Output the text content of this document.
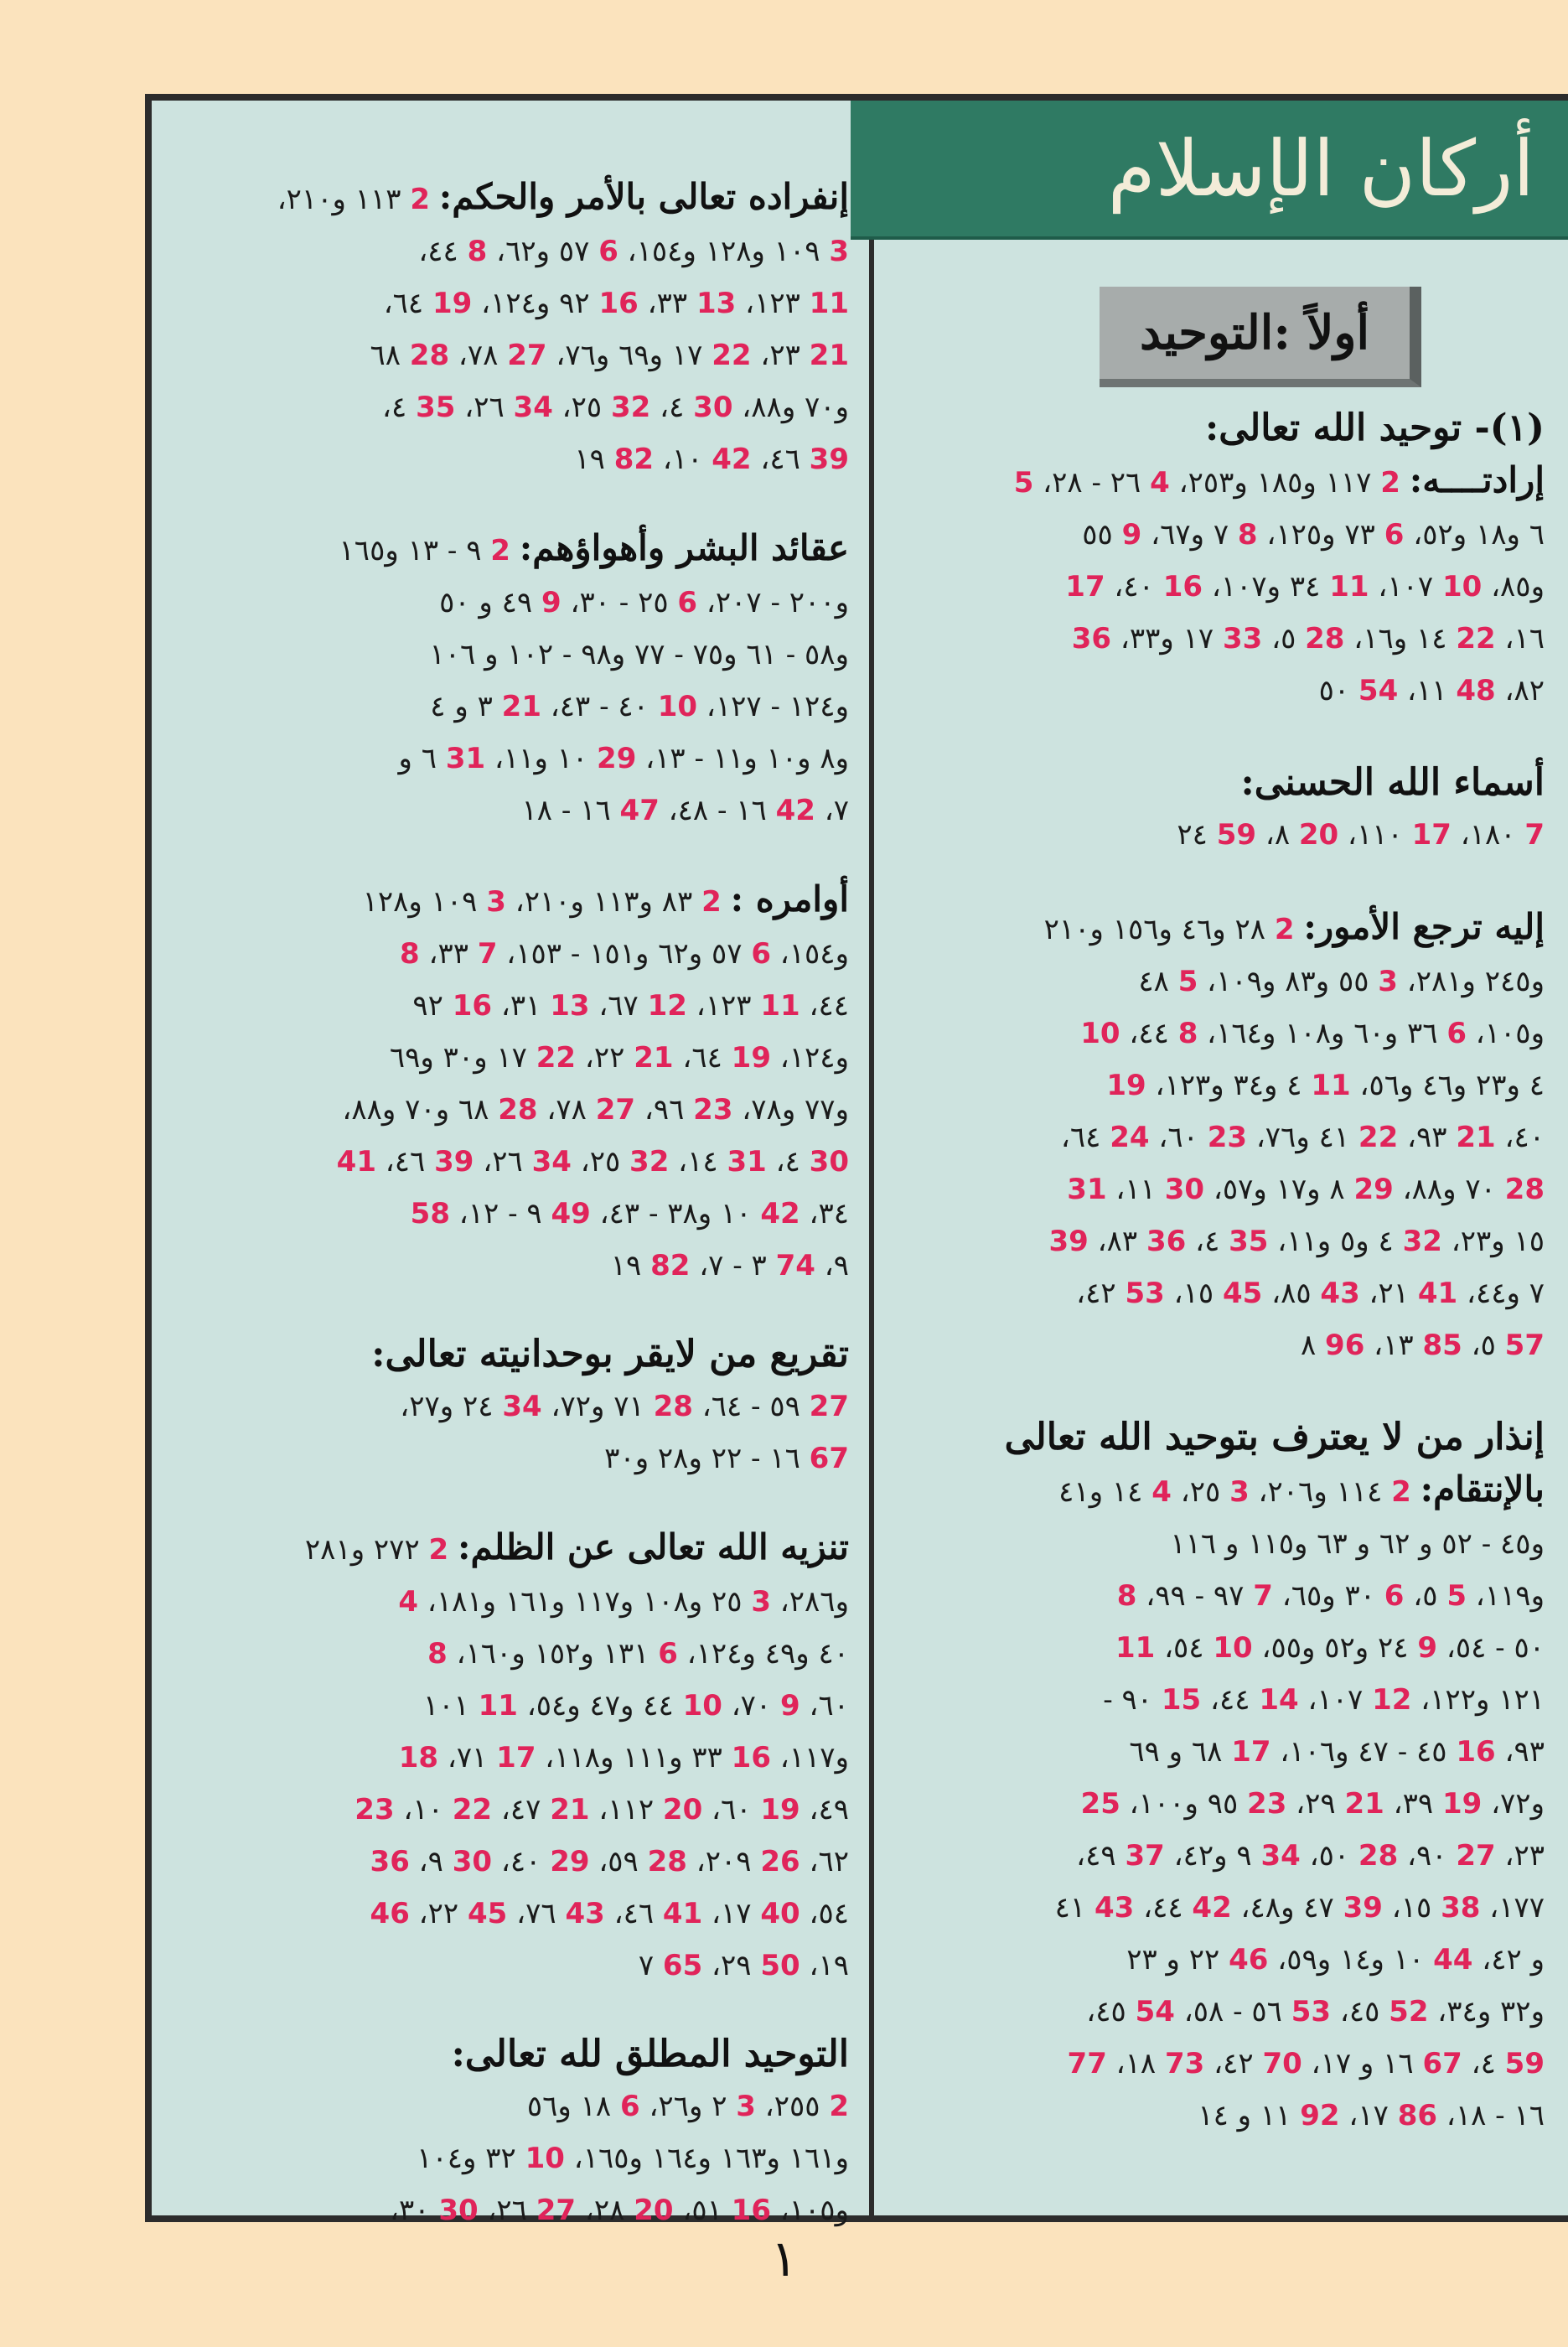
أركان الإسلام
أولاً :التوحيد
(١)- توحيد الله تعالى:
إرادتــــه: 2 ١١٧ و١٨٥ و٢٥٣، 4 ٢٦ - ٢٨، 5
٦ و١٨ و٥٢، 6 ٧٣ و١٢٥، 8 ٧ و٦٧، 9 ٥٥
و٨٥، 10 ١٠٧، 11 ٣٤ و١٠٧، 16 ٤٠، 17
١٦، 22 ١٤ و١٦، 28 ٥، 33 ١٧ و٣٣، 36
٨٢، 48 ١١، 54 ٥٠
أسماء الله الحسنى:
7 ١٨٠، 17 ١١٠، 20 ٨، 59 ٢٤
إليه ترجع الأمور: 2 ٢٨ و٤٦ و١٥٦ و٢١٠
و٢٤٥ و٢٨١، 3 ٥٥ و٨٣ و١٠٩، 5 ٤٨
و١٠٥، 6 ٣٦ و٦٠ و١٠٨ و١٦٤، 8 ٤٤، 10
٤ و٢٣ و٤٦ و٥٦، 11 ٤ و٣٤ و١٢٣، 19
٤٠، 21 ٩٣، 22 ٤١ و٧٦، 23 ٦٠، 24 ٦٤،
28 ٧٠ و٨٨، 29 ٨ و١٧ و٥٧، 30 ١١، 31
١٥ و٢٣، 32 ٤ و٥ و١١، 35 ٤، 36 ٨٣، 39
٧ و٤٤، 41 ٢١، 43 ٨٥، 45 ١٥، 53 ٤٢،
57 ٥، 85 ١٣، 96 ٨
إنذار من لا يعترف بتوحيد الله تعالى
بالإنتقام: 2 ١١٤ و٢٠٦، 3 ٢٥، 4 ١٤ و٤١
و٤٥ - ٥٢ و ٦٢ و ٦٣ و١١٥ و ١١٦
و١١٩، 5 ٥، 6 ٣٠ و٦٥، 7 ٩٧ - ٩٩، 8
٥٠ - ٥٤، 9 ٢٤ و٥٢ و٥٥، 10 ٥٤، 11
١٢١ و١٢٢، 12 ١٠٧، 14 ٤٤، 15 ٩٠ -
٩٣، 16 ٤٥ - ٤٧ و١٠٦، 17 ٦٨ و ٦٩
و٧٢، 19 ٣٩، 21 ٢٩، 23 ٩٥ و١٠٠، 25
٢٣، 27 ٩٠، 28 ٥٠، 34 ٩ و٤٢، 37 ٤٩،
١٧٧، 38 ١٥، 39 ٤٧ و٤٨، 42 ٤٤، 43 ٤١
و ٤٢، 44 ١٠ و١٤ و٥٩، 46 ٢٢ و ٢٣
و٣٢ و٣٤، 52 ٤٥، 53 ٥٦ - ٥٨، 54 ٤٥،
59 ٤، 67 ١٦ و ١٧، 70 ٤٢، 73 ١٨، 77
١٦ - ١٨، 86 ١٧، 92 ١١ و ١٤
إنفراده تعالى بالأمر والحكم: 2 ١١٣ و٢١٠،
3 ١٠٩ و١٢٨ و١٥٤، 6 ٥٧ و٦٢، 8 ٤٤،
11 ١٢٣، 13 ٣٣، 16 ٩٢ و١٢٤، 19 ٦٤،
21 ٢٣، 22 ١٧ و٦٩ و٧٦، 27 ٧٨، 28 ٦٨
و٧٠ و٨٨، 30 ٤، 32 ٢٥، 34 ٢٦، 35 ٤،
39 ٤٦، 42 ١٠، 82 ١٩
عقائد البشر وأهواؤهم: 2 ٩ - ١٣ و١٦٥
و٢٠٠ - ٢٠٧، 6 ٢٥ - ٣٠، 9 ٤٩ و ٥٠
و٥٨ - ٦١ و٧٥ - ٧٧ و٩٨ - ١٠٢ و ١٠٦
و١٢٤ - ١٢٧، 10 ٤٠ - ٤٣، 21 ٣ و ٤
و٨ و١٠ و١١ - ١٣، 29 ١٠ و١١، 31 ٦ و
٧، 42 ١٦ - ٤٨، 47 ١٦ - ١٨
أوامره : 2 ٨٣ و١١٣ و٢١٠، 3 ١٠٩ و١٢٨
و١٥٤، 6 ٥٧ و٦٢ و١٥١ - ١٥٣، 7 ٣٣، 8
٤٤، 11 ١٢٣، 12 ٦٧، 13 ٣١، 16 ٩٢
و١٢٤، 19 ٦٤، 21 ٢٢، 22 ١٧ و٣٠ و٦٩
و٧٧ و٧٨، 23 ٩٦، 27 ٧٨، 28 ٦٨ و٧٠ و٨٨،
30 ٤، 31 ١٤، 32 ٢٥، 34 ٢٦، 39 ٤٦، 41
٣٤، 42 ١٠ و٣٨ - ٤٣، 49 ٩ - ١٢، 58
٩، 74 ٣ - ٧، 82 ١٩
تقريع من لايقر بوحدانيته تعالى:
27 ٥٩ - ٦٤، 28 ٧١ و٧٢، 34 ٢٤ و٢٧،
67 ١٦ - ٢٢ و٢٨ و٣٠
تنزيه الله تعالى عن الظلم: 2 ٢٧٢ و٢٨١
و٢٨٦، 3 ٢٥ و١٠٨ و١١٧ و١٦١ و١٨١، 4
٤٠ و٤٩ و١٢٤، 6 ١٣١ و١٥٢ و١٦٠، 8
٦٠، 9 ٧٠، 10 ٤٤ و٤٧ و٥٤، 11 ١٠١
و١١٧، 16 ٣٣ و١١١ و١١٨، 17 ٧١، 18
٤٩، 19 ٦٠، 20 ١١٢، 21 ٤٧، 22 ١٠، 23
٦٢، 26 ٢٠٩، 28 ٥٩، 29 ٤٠، 30 ٩، 36
٥٤، 40 ١٧، 41 ٤٦، 43 ٧٦، 45 ٢٢، 46
١٩، 50 ٢٩، 65 ٧
التوحيد المطلق لله تعالى:
2 ٢٥٥، 3 ٢ و٢٦، 6 ١٨ و٥٦
و١٦١ و١٦٣ و١٦٤ و١٦٥، 10 ٣٢ و١٠٤
و١٠٥، 16 ٥١، 20 ٢٨، 27 ٢٦، 30 ٣٠،
١
